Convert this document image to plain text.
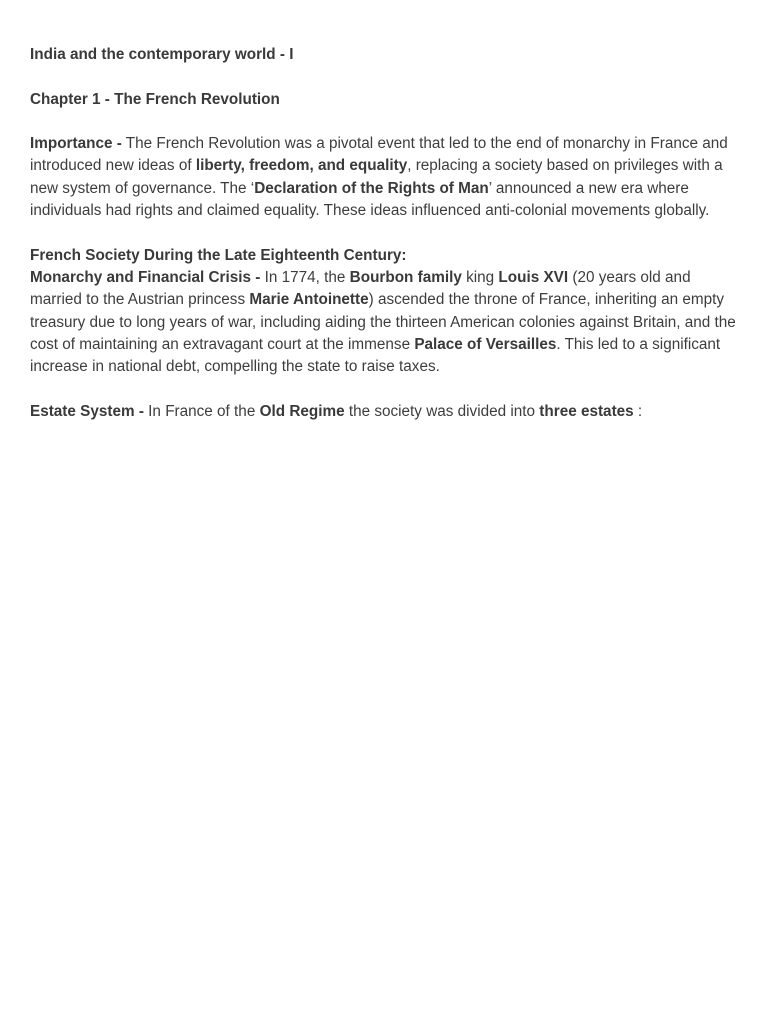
India and the contemporary world - I

Chapter 1 - The French Revolution

Importance - The French Revolution was a pivotal event that led to the end of monarchy in France and introduced new ideas of liberty, freedom, and equality, replacing a society based on privileges with a new system of governance. The ‘Declaration of the Rights of Man’ announced a new era where individuals had rights and claimed equality. These ideas influenced anti-colonial movements globally.

French Society During the Late Eighteenth Century:

Monarchy and Financial Crisis - In 1774, the Bourbon family king Louis XVI (20 years old and married to the Austrian princess Marie Antoinette) ascended the throne of France, inheriting an empty treasury due to long years of war, including aiding the thirteen American colonies against Britain, and the cost of maintaining an extravagant court at the immense Palace of Versailles. This led to a significant increase in national debt, compelling the state to raise taxes.

Estate System - In France of the Old Regime the society was divided into three estates :
